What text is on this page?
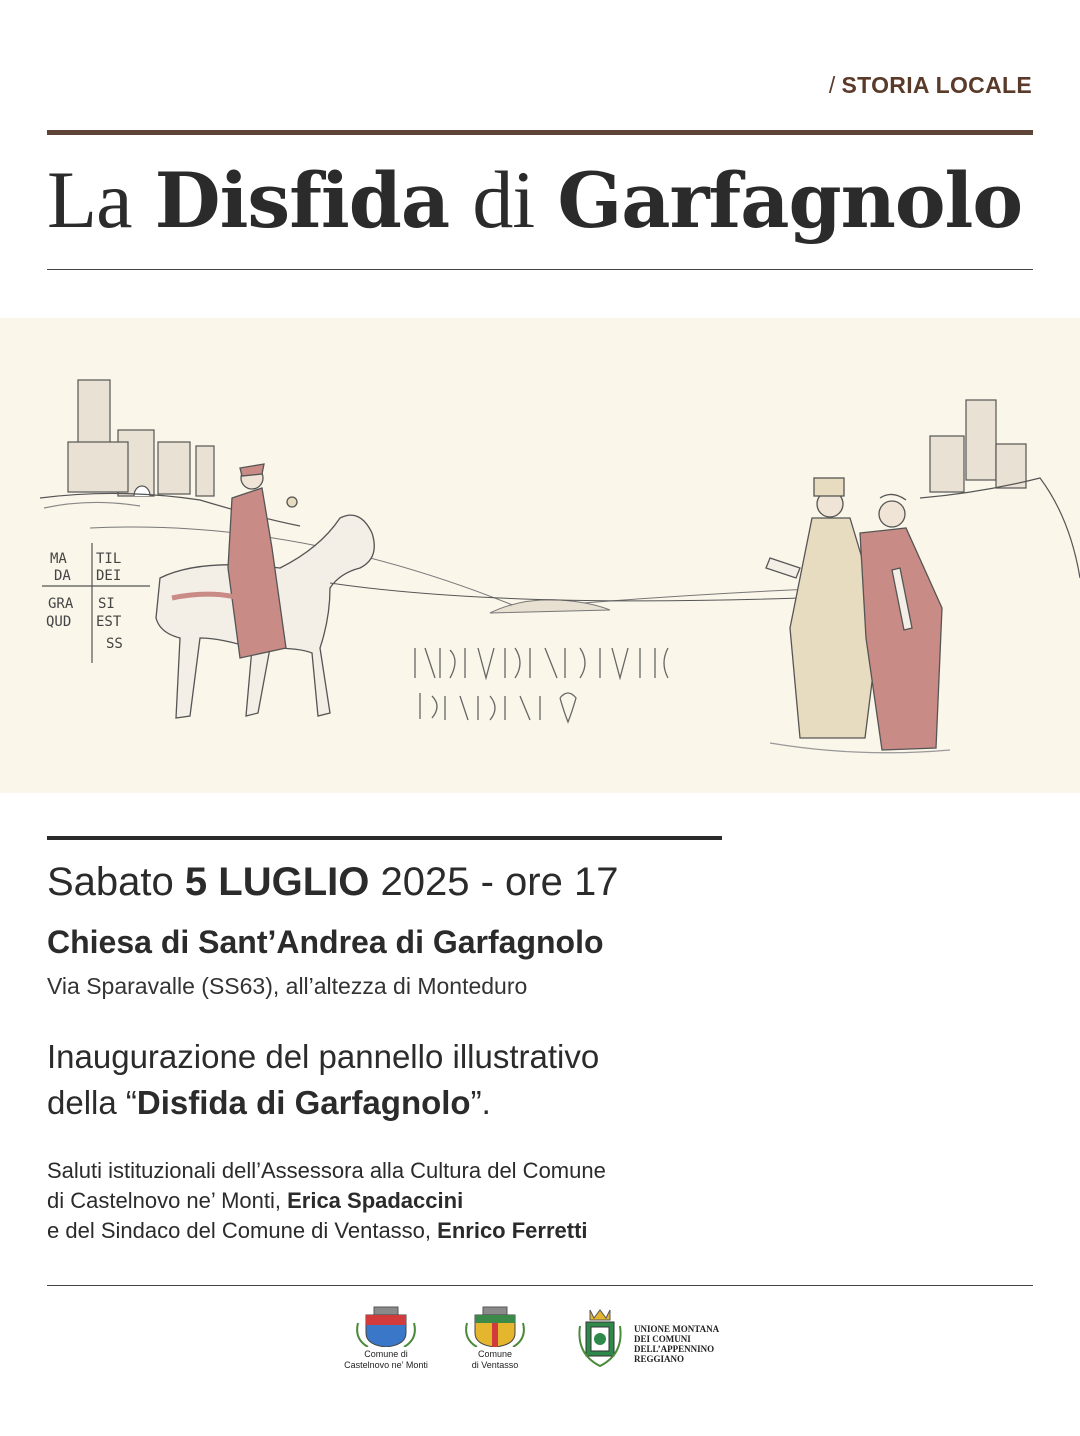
/ STORIA LOCALE
La Disfida di Garfagnolo
MA TIL
DA DEI
GRA SI
QUD EST
SS
Sabato 5 LUGLIO 2025 - ore 17
Chiesa di Sant’Andrea di Garfagnolo
Via Sparavalle (SS63), all’altezza di Monteduro
Inaugurazione del pannello illustrativo
della “Disfida di Garfagnolo”.
Saluti istituzionali dell’Assessora alla Cultura del Comune
di Castelnovo ne’ Monti, Erica Spadaccini
e del Sindaco del Comune di Ventasso, Enrico Ferretti
Comune di
Castelnovo ne’ Monti
Comune
di Ventasso
UNIONE MONTANA
DEI COMUNI
DELL’APPENNINO
REGGIANO
